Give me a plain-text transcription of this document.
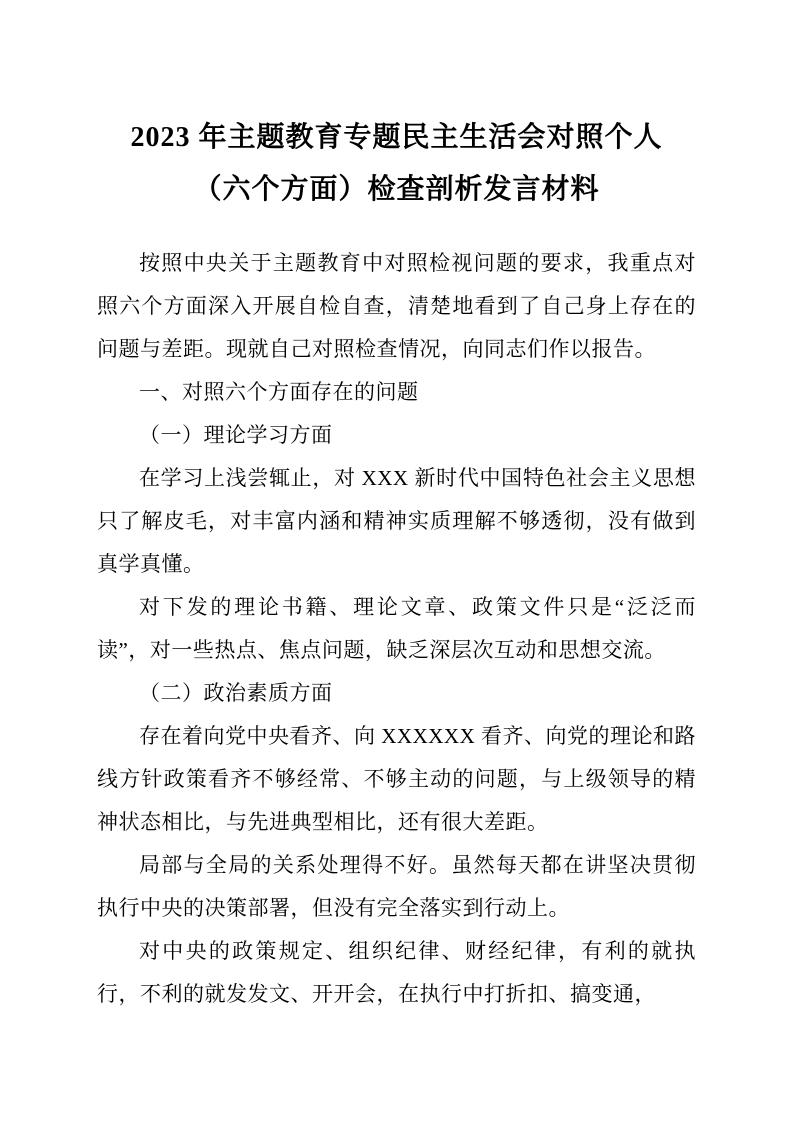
2023 年主题教育专题民主生活会对照个人
（六个方面）检查剖析发言材料

按照中央关于主题教育中对照检视问题的要求，我重点对照六个方面深入开展自检自查，清楚地看到了自己身上存在的问题与差距。现就自己对照检查情况，向同志们作以报告。

一、对照六个方面存在的问题

（一）理论学习方面

在学习上浅尝辄止，对 XXX 新时代中国特色社会主义思想只了解皮毛，对丰富内涵和精神实质理解不够透彻，没有做到真学真懂。

对下发的理论书籍、理论文章、政策文件只是“泛泛而读”，对一些热点、焦点问题，缺乏深层次互动和思想交流。

（二）政治素质方面

存在着向党中央看齐、向 XXXXXX 看齐、向党的理论和路线方针政策看齐不够经常、不够主动的问题，与上级领导的精神状态相比，与先进典型相比，还有很大差距。

局部与全局的关系处理得不好。虽然每天都在讲坚决贯彻执行中央的决策部署，但没有完全落实到行动上。

对中央的政策规定、组织纪律、财经纪律，有利的就执行，不利的就发发文、开开会，在执行中打折扣、搞变通，
